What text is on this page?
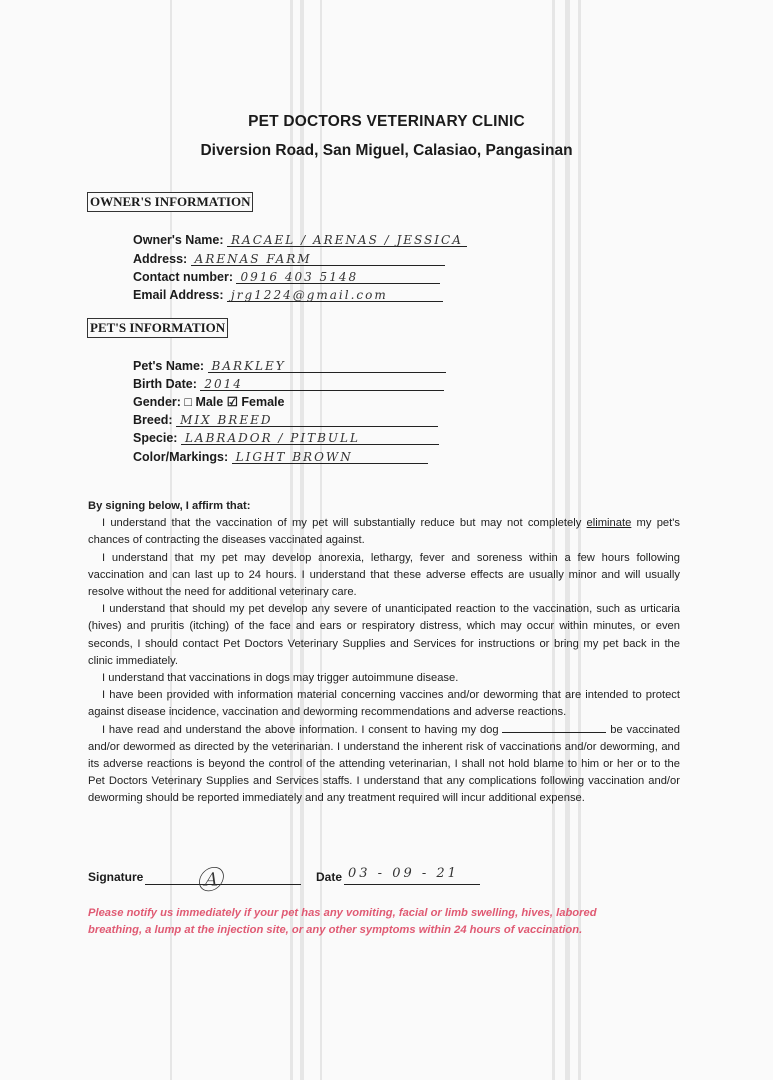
PET DOCTORS VETERINARY CLINIC
Diversion Road, San Miguel, Calasiao, Pangasinan
OWNER'S INFORMATION
Owner's Name: RACAEL / ARENAS / JESSICA
Address: ARENAS FARM
Contact number: 0916 403 5148
Email Address: jrg1224@gmail.com
PET'S INFORMATION
Pet's Name: BARKLEY
Birth Date: 2014
Gender: □ Male ☑ Female
Breed: MIX BREED
Specie: LABRADOR / PITBULL
Color/Markings: LIGHT BROWN

By signing below, I affirm that:

I understand that the vaccination of my pet will substantially reduce but may not completely eliminate my pet's chances of contracting the diseases vaccinated against.

I understand that my pet may develop anorexia, lethargy, fever and soreness within a few hours following vaccination and can last up to 24 hours. I understand that these adverse effects are usually minor and will usually resolve without the need for additional veterinary care.

I understand that should my pet develop any severe of unanticipated reaction to the vaccination, such as urticaria (hives) and pruritis (itching) of the face and ears or respiratory distress, which may occur within minutes, or even seconds, I should contact Pet Doctors Veterinary Supplies and Services for instructions or bring my pet back in the clinic immediately.

I understand that vaccinations in dogs may trigger autoimmune disease.

I have been provided with information material concerning vaccines and/or deworming that are intended to protect against disease incidence, vaccination and deworming recommendations and adverse reactions.

I have read and understand the above information. I consent to having my dog	be vaccinated and/or dewormed as directed by the veterinarian. I understand the inherent risk of vaccinations and/or deworming, and its adverse reactions is beyond the control of the attending veterinarian, I shall not hold blame to him or her or to the Pet Doctors Veterinary Supplies and Services staffs. I understand that any complications following vaccination and/or deworming should be reported immediately and any treatment required will incur additional expense.

Signature Ⓐ	Date 03 - 09 - 21
Please notify us immediately if your pet has any vomiting, facial or limb swelling, hives, labored breathing, a lump at the injection site, or any other symptoms within 24 hours of vaccination.
